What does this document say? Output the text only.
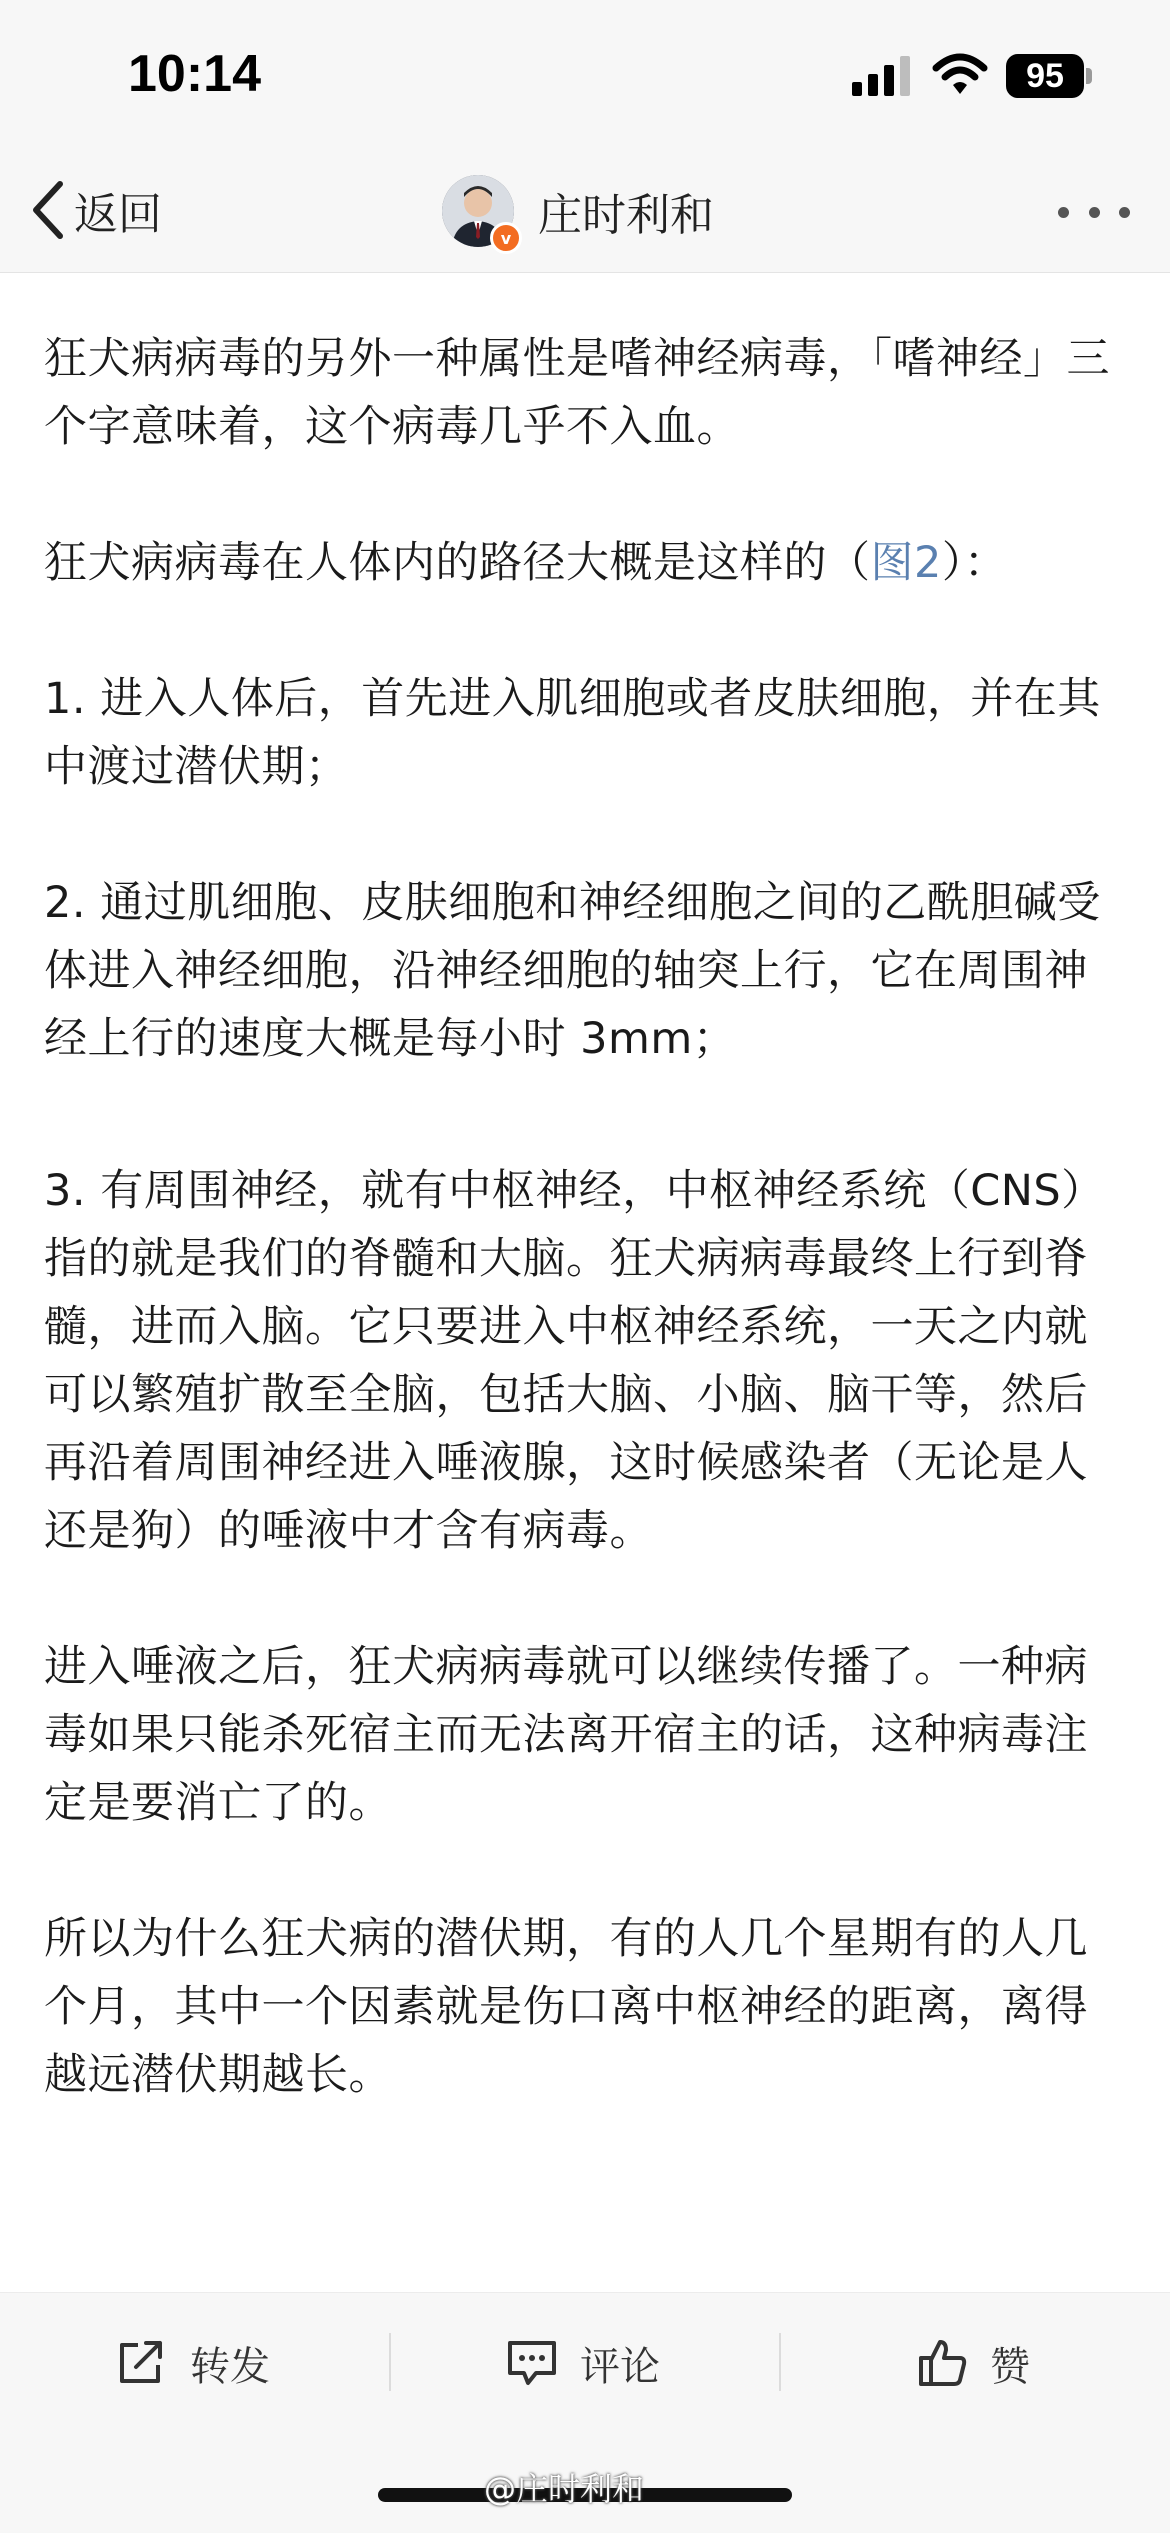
10:14	95
返回	庄时利和
v

狂犬病病毒的另外一种属性是嗜神经病毒，「嗜神经」三个字意味着，这个病毒几乎不入血。

狂犬病病毒在人体内的路径大概是这样的（图2）：

1. 进入人体后，首先进入肌细胞或者皮肤细胞，并在其中渡过潜伏期；

2. 通过肌细胞、皮肤细胞和神经细胞之间的乙酰胆碱受体进入神经细胞，沿神经细胞的轴突上行，它在周围神经上行的速度大概是每小时 3mm；

3. 有周围神经，就有中枢神经，中枢神经系统（CNS）指的就是我们的脊髓和大脑。狂犬病病毒最终上行到脊髓，进而入脑。它只要进入中枢神经系统，一天之内就可以繁殖扩散至全脑，包括大脑、小脑、脑干等，然后再沿着周围神经进入唾液腺，这时候感染者（无论是人还是狗）的唾液中才含有病毒。

进入唾液之后，狂犬病病毒就可以继续传播了。一种病毒如果只能杀死宿主而无法离开宿主的话，这种病毒注定是要消亡了的。

所以为什么狂犬病的潜伏期，有的人几个星期有的人几个月，其中一个因素就是伤口离中枢神经的距离，离得越远潜伏期越长。

转发	评论	赞
@庄时利和
